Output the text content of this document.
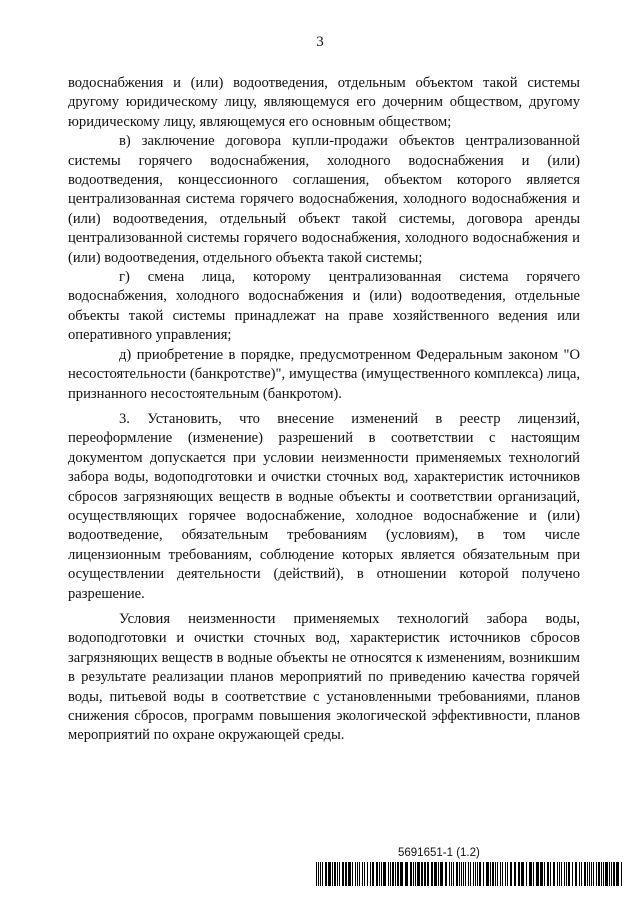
3

водоснабжения и (или) водоотведения, отдельным объектом такой системы другому юридическому лицу, являющемуся его дочерним обществом, другому юридическому лицу, являющемуся его основным обществом;

в) заключение договора купли-продажи объектов централизованной системы горячего водоснабжения, холодного водоснабжения и (или) водоотведения, концессионного соглашения, объектом которого является централизованная система горячего водоснабжения, холодного водоснабжения и (или) водоотведения, отдельный объект такой системы, договора аренды централизованной системы горячего водоснабжения, холодного водоснабжения и (или) водоотведения, отдельного объекта такой системы;

г) смена лица, которому централизованная система горячего водоснабжения, холодного водоснабжения и (или) водоотведения, отдельные объекты такой системы принадлежат на праве хозяйственного ведения или оперативного управления;

д) приобретение в порядке, предусмотренном Федеральным законом "О несостоятельности (банкротстве)", имущества (имущественного комплекса) лица, признанного несостоятельным (банкротом).

3. Установить, что внесение изменений в реестр лицензий, переоформление (изменение) разрешений в соответствии с настоящим документом допускается при условии неизменности применяемых технологий забора воды, водоподготовки и очистки сточных вод, характеристик источников сбросов загрязняющих веществ в водные объекты и соответствии организаций, осуществляющих горячее водоснабжение, холодное водоснабжение и (или) водоотведение, обязательным требованиям (условиям), в том числе лицензионным требованиям, соблюдение которых является обязательным при осуществлении деятельности (действий), в отношении которой получено разрешение.

Условия неизменности применяемых технологий забора воды, водоподготовки и очистки сточных вод, характеристик источников сбросов загрязняющих веществ в водные объекты не относятся к изменениям, возникшим в результате реализации планов мероприятий по приведению качества горячей воды, питьевой воды в соответствие с установленными требованиями, планов снижения сбросов, программ повышения экологической эффективности, планов мероприятий по охране окружающей среды.

5691651-1 (1.2)
